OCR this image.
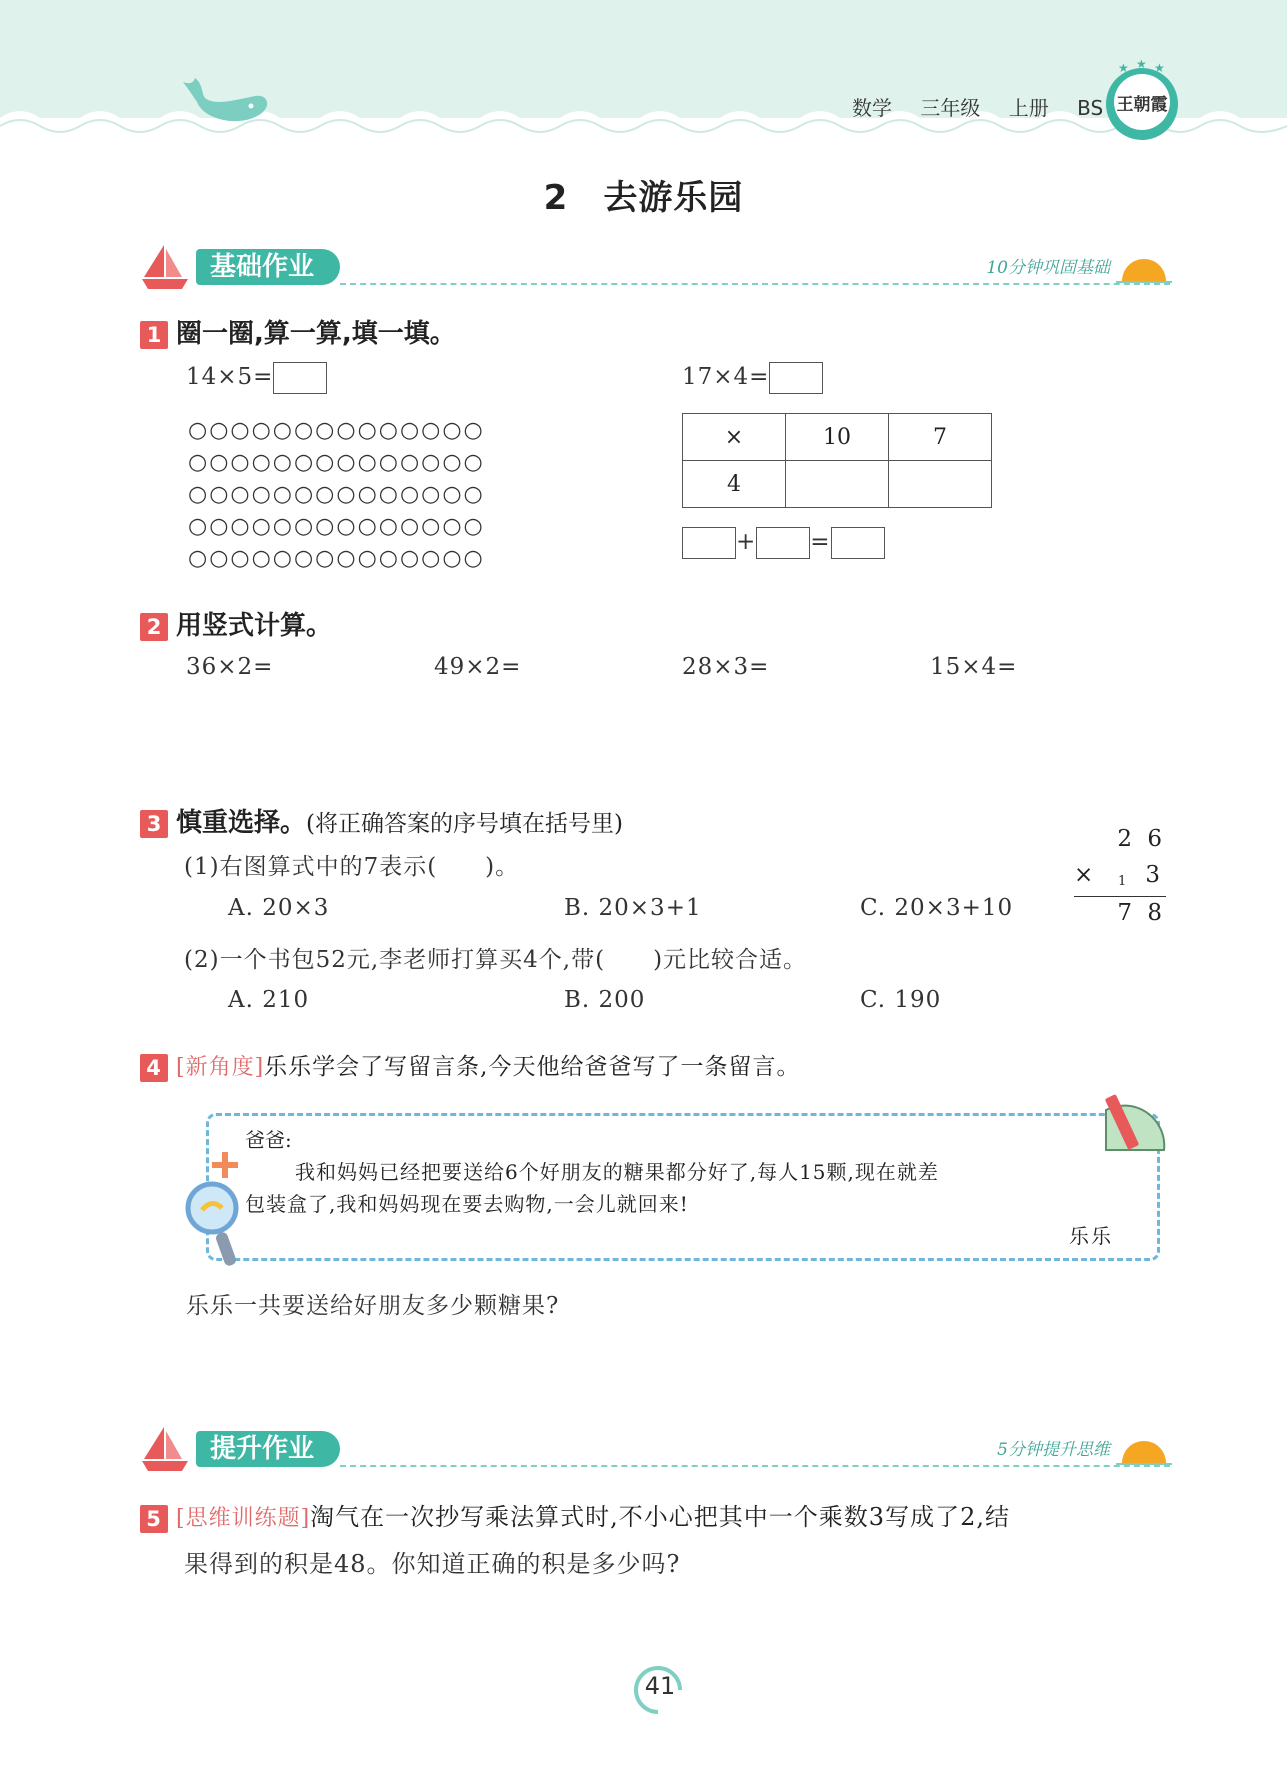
数学 三年级 上册 BS
★ ★ ★
王朝霞
2　去游乐园
基础作业	10分钟巩固基础
1 圈一圈,算一算,填一填。
14×5=	17×4=
○○○○○○○○○○○○○○
○○○○○○○○○○○○○○
○○○○○○○○○○○○○○
○○○○○○○○○○○○○○
○○○○○○○○○○○○○○
×	10	7
4		
+ =
2 用竖式计算。
36×2=	49×2=	28×3=	15×4=
3 慎重选择。(将正确答案的序号填在括号里)
(1)右图算式中的7表示(　　)。
A. 20×3	B. 20×3+1	C. 20×3+10
(2)一个书包52元,李老师打算买4个,带(　　)元比较合适。
A. 210	B. 200	C. 190
2 6
× 1 3
7 8
4 [新角度]乐乐学会了写留言条,今天他给爸爸写了一条留言。
爸爸:
我和妈妈已经把要送给6个好朋友的糖果都分好了,每人15颗,现在就差
包装盒了,我和妈妈现在要去购物,一会儿就回来!
乐乐
乐乐一共要送给好朋友多少颗糖果?
提升作业	5分钟提升思维
5 [思维训练题]淘气在一次抄写乘法算式时,不小心把其中一个乘数3写成了2,结
果得到的积是48。你知道正确的积是多少吗?
41
